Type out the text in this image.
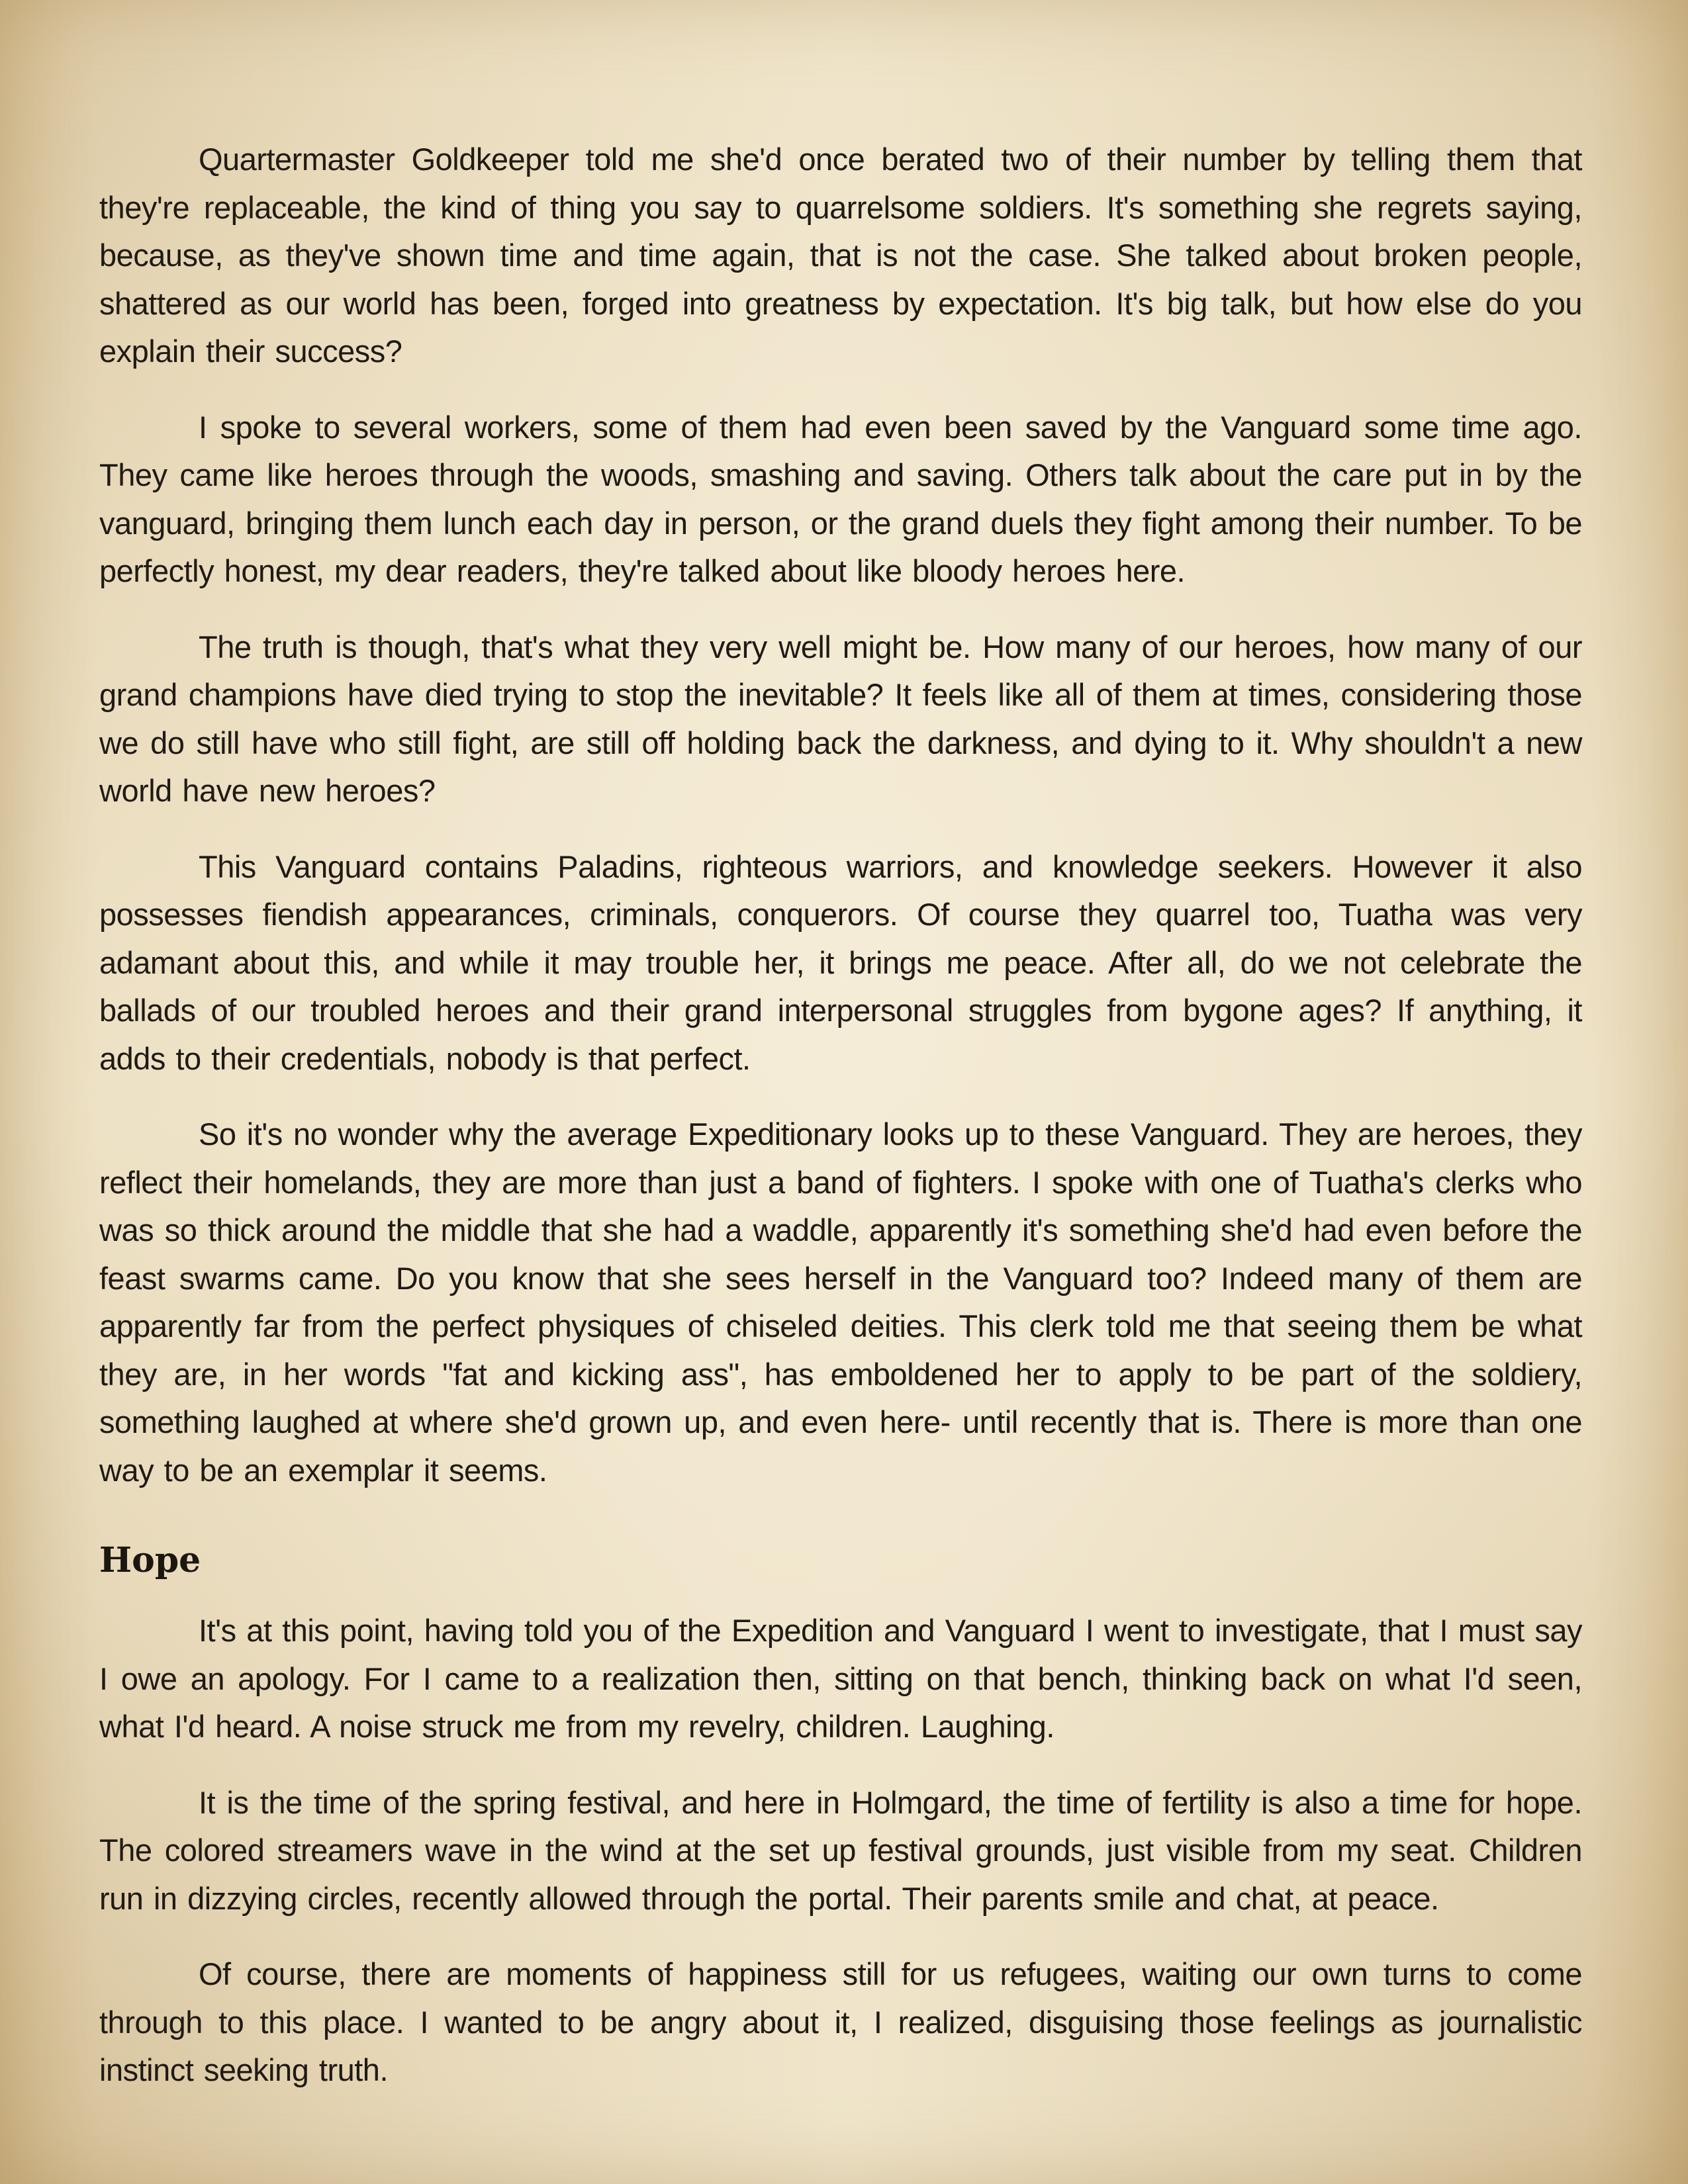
Quartermaster Goldkeeper told me she'd once berated two of their number by telling them that they're replaceable, the kind of thing you say to quarrelsome soldiers. It's something she regrets saying, because, as they've shown time and time again, that is not the case. She talked about broken people, shattered as our world has been, forged into greatness by expectation. It's big talk, but how else do you explain their success?

I spoke to several workers, some of them had even been saved by the Vanguard some time ago. They came like heroes through the woods, smashing and saving. Others talk about the care put in by the vanguard, bringing them lunch each day in person, or the grand duels they fight among their number. To be perfectly honest, my dear readers, they're talked about like bloody heroes here.

The truth is though, that's what they very well might be. How many of our heroes, how many of our grand champions have died trying to stop the inevitable? It feels like all of them at times, considering those we do still have who still fight, are still off holding back the darkness, and dying to it. Why shouldn't a new world have new heroes?

This Vanguard contains Paladins, righteous warriors, and knowledge seekers. However it also possesses fiendish appearances, criminals, conquerors. Of course they quarrel too, Tuatha was very adamant about this, and while it may trouble her, it brings me peace. After all, do we not celebrate the ballads of our troubled heroes and their grand interpersonal struggles from bygone ages? If anything, it adds to their credentials, nobody is that perfect.

So it's no wonder why the average Expeditionary looks up to these Vanguard. They are heroes, they reflect their homelands, they are more than just a band of fighters. I spoke with one of Tuatha's clerks who was so thick around the middle that she had a waddle, apparently it's something she'd had even before the feast swarms came. Do you know that she sees herself in the Vanguard too? Indeed many of them are apparently far from the perfect physiques of chiseled deities. This clerk told me that seeing them be what they are, in her words "fat and kicking ass", has emboldened her to apply to be part of the soldiery, something laughed at where she'd grown up, and even here- until recently that is. There is more than one way to be an exemplar it seems.

Hope

It's at this point, having told you of the Expedition and Vanguard I went to investigate, that I must say I owe an apology. For I came to a realization then, sitting on that bench, thinking back on what I'd seen, what I'd heard. A noise struck me from my revelry, children. Laughing.

It is the time of the spring festival, and here in Holmgard, the time of fertility is also a time for hope. The colored streamers wave in the wind at the set up festival grounds, just visible from my seat. Children run in dizzying circles, recently allowed through the portal. Their parents smile and chat, at peace.

Of course, there are moments of happiness still for us refugees, waiting our own turns to come through to this place. I wanted to be angry about it, I realized, disguising those feelings as journalistic instinct seeking truth.
